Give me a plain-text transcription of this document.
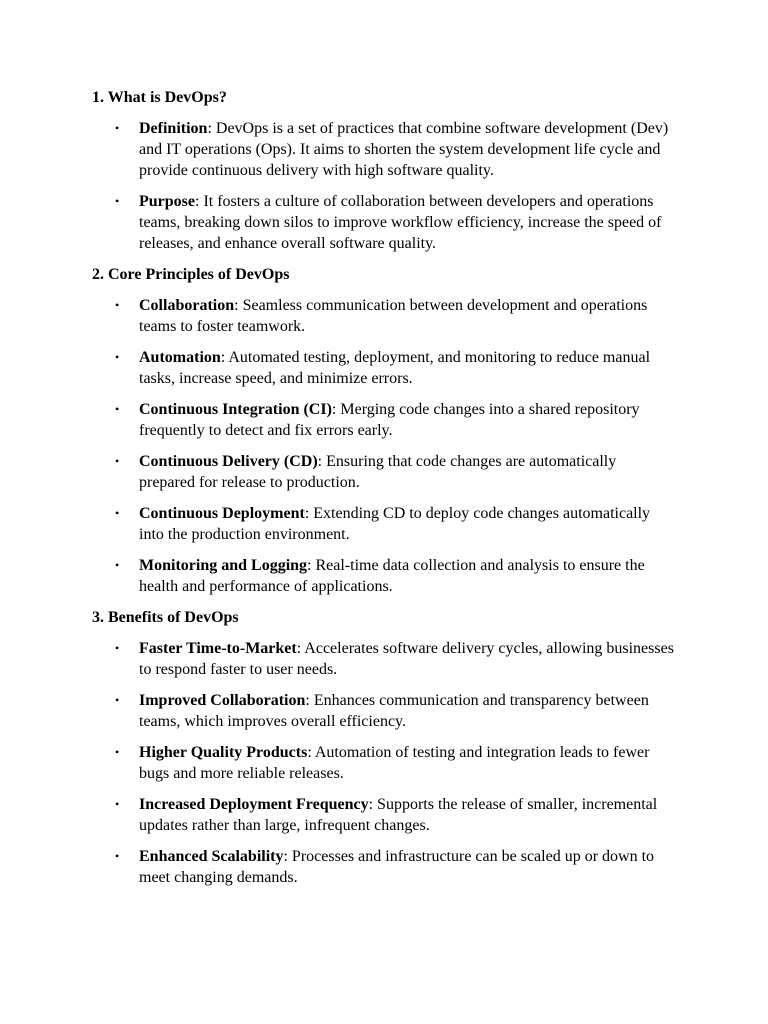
1. What is DevOps?
• Definition: DevOps is a set of practices that combine software development (Dev) and IT operations (Ops). It aims to shorten the system development life cycle and provide continuous delivery with high software quality.
• Purpose: It fosters a culture of collaboration between developers and operations teams, breaking down silos to improve workflow efficiency, increase the speed of releases, and enhance overall software quality.
2. Core Principles of DevOps
• Collaboration: Seamless communication between development and operations teams to foster teamwork.
• Automation: Automated testing, deployment, and monitoring to reduce manual tasks, increase speed, and minimize errors.
• Continuous Integration (CI): Merging code changes into a shared repository frequently to detect and fix errors early.
• Continuous Delivery (CD): Ensuring that code changes are automatically prepared for release to production.
• Continuous Deployment: Extending CD to deploy code changes automatically into the production environment.
• Monitoring and Logging: Real-time data collection and analysis to ensure the health and performance of applications.
3. Benefits of DevOps
• Faster Time-to-Market: Accelerates software delivery cycles, allowing businesses to respond faster to user needs.
• Improved Collaboration: Enhances communication and transparency between teams, which improves overall efficiency.
• Higher Quality Products: Automation of testing and integration leads to fewer bugs and more reliable releases.
• Increased Deployment Frequency: Supports the release of smaller, incremental updates rather than large, infrequent changes.
• Enhanced Scalability: Processes and infrastructure can be scaled up or down to meet changing demands.
